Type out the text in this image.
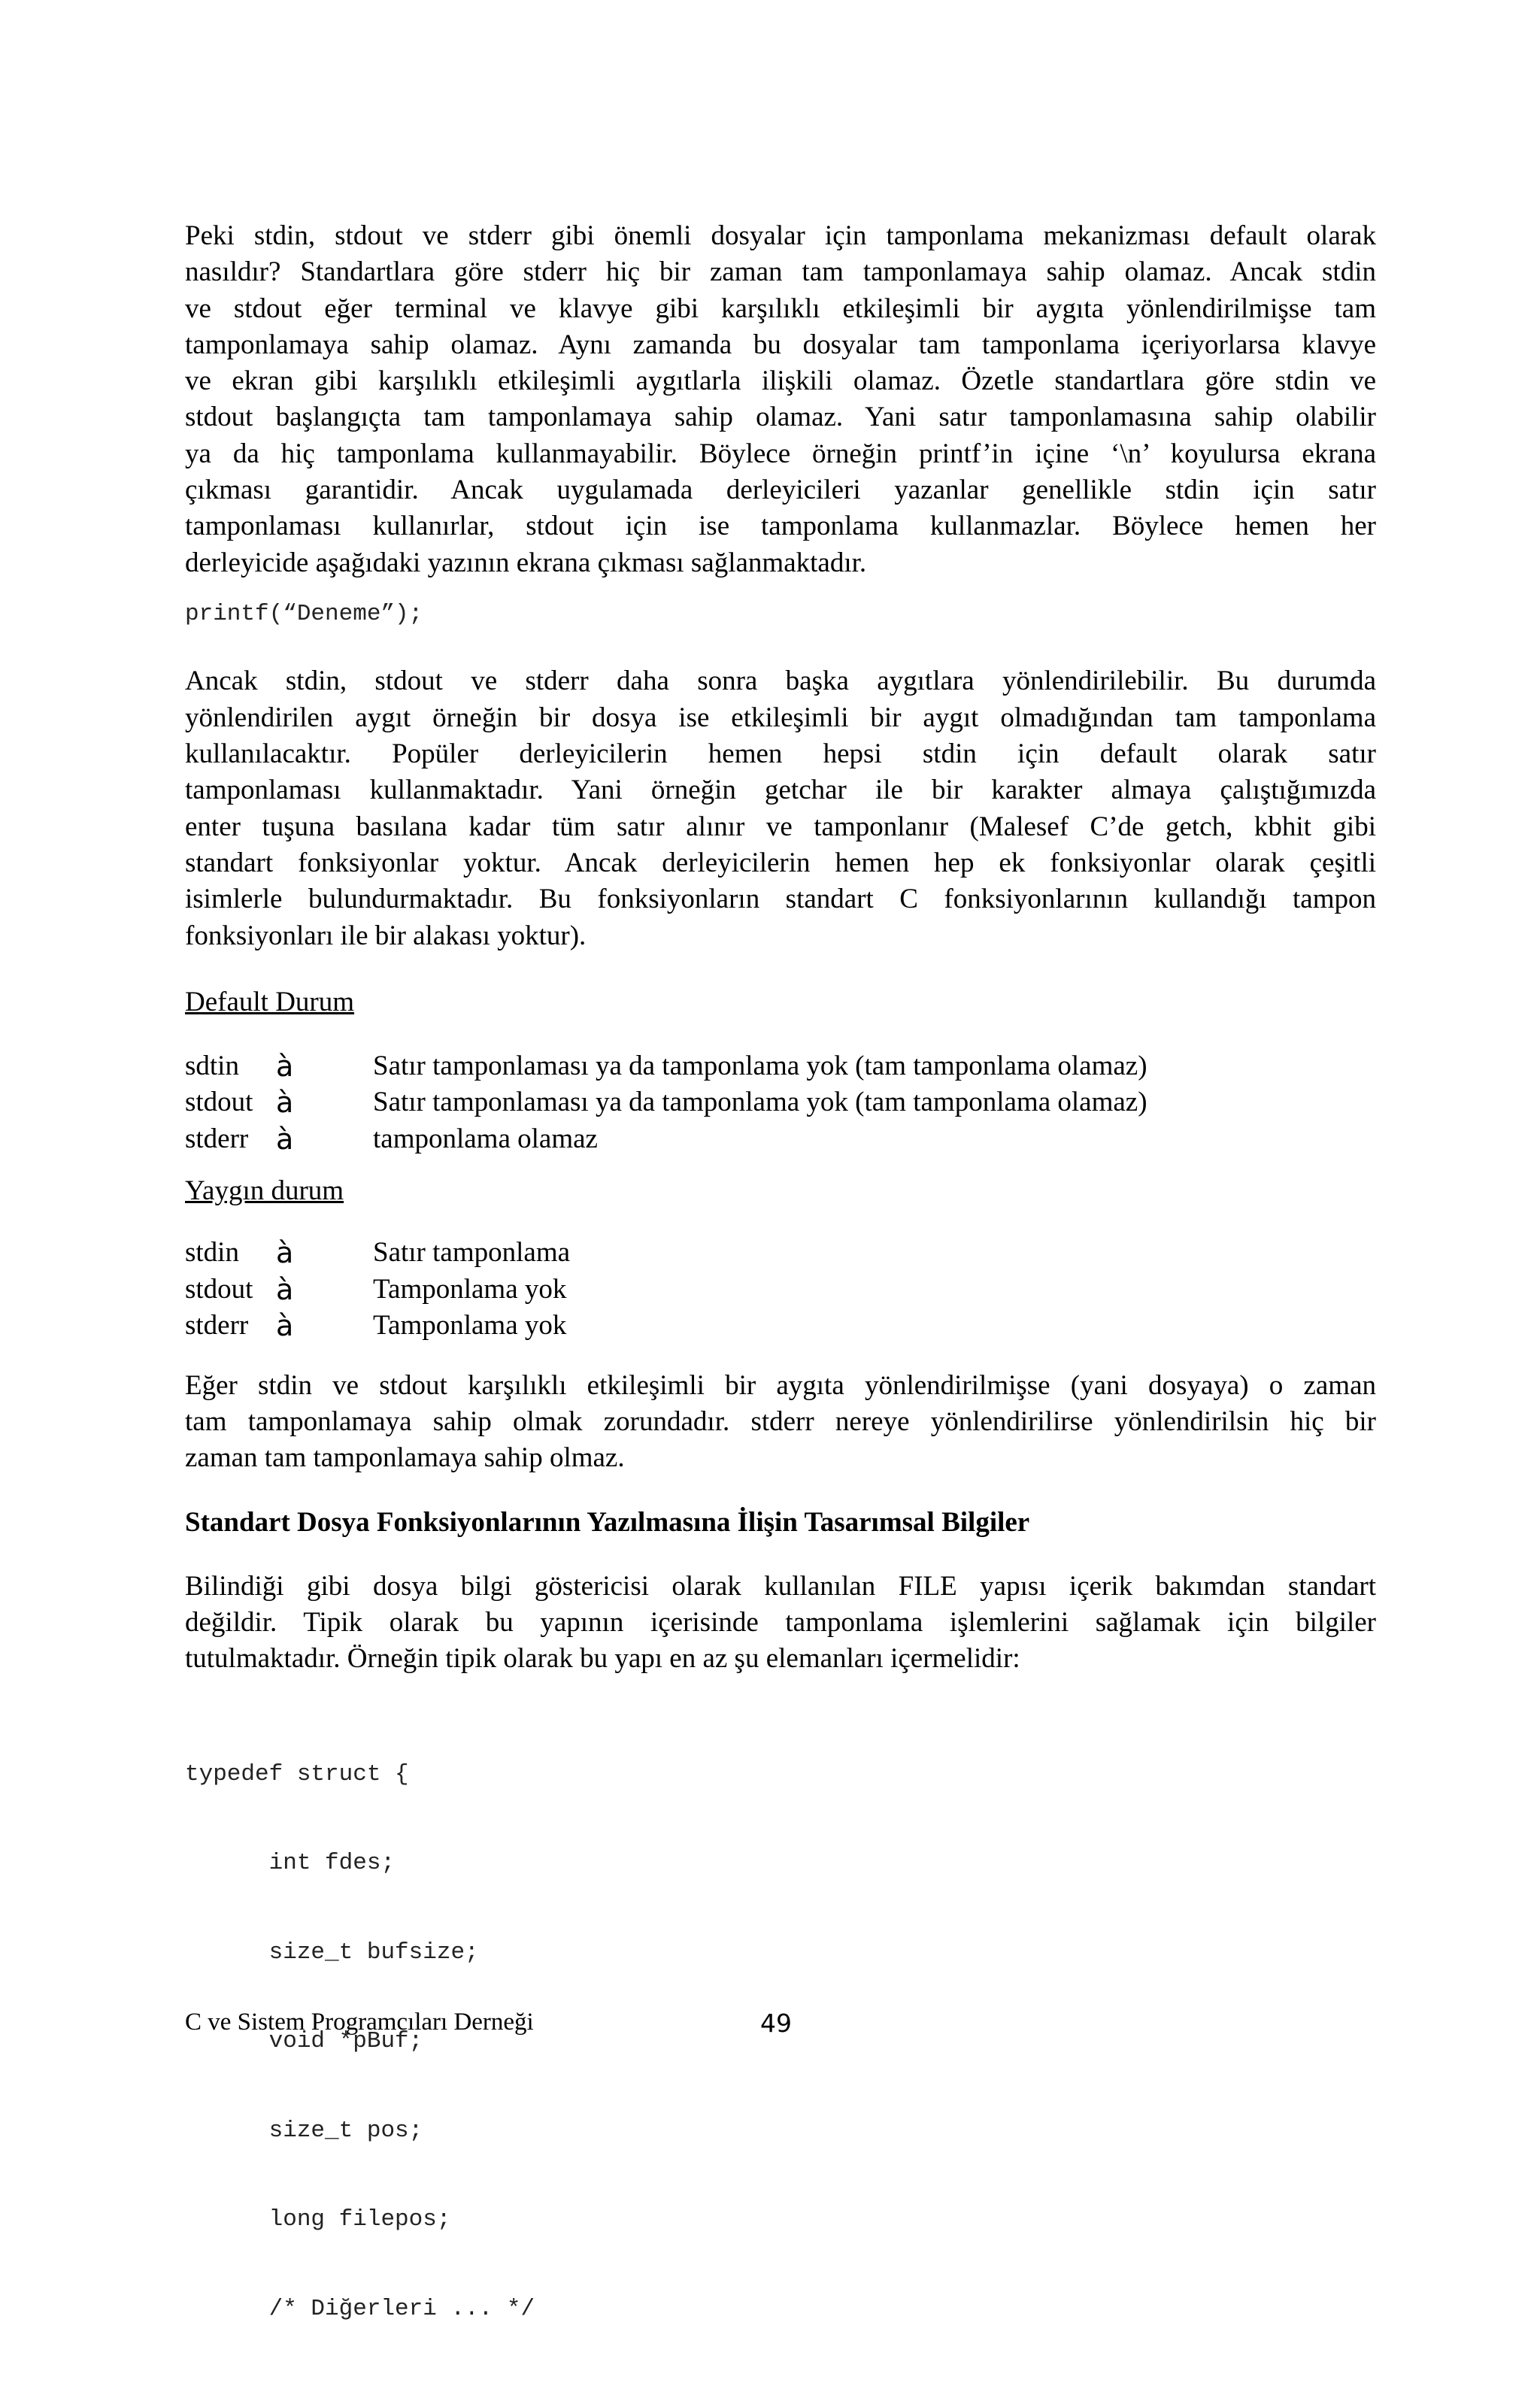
Peki stdin, stdout ve stderr gibi önemli dosyalar için tamponlama mekanizması default olarak
nasıldır? Standartlara göre stderr hiç bir zaman tam tamponlamaya sahip olamaz. Ancak stdin
ve stdout eğer terminal ve klavye gibi karşılıklı etkileşimli bir aygıta yönlendirilmişse tam
tamponlamaya sahip olamaz. Aynı zamanda bu dosyalar tam tamponlama içeriyorlarsa klavye
ve ekran gibi karşılıklı etkileşimli aygıtlarla ilişkili olamaz. Özetle standartlara göre stdin ve
stdout başlangıçta tam tamponlamaya sahip olamaz. Yani satır tamponlamasına sahip olabilir
ya da hiç tamponlama kullanmayabilir. Böylece örneğin printf’in içine ‘\n’ koyulursa ekrana
çıkması garantidir. Ancak uygulamada derleyicileri yazanlar genellikle stdin için satır
tamponlaması kullanırlar, stdout için ise tamponlama kullanmazlar. Böylece hemen her
derleyicide aşağıdaki yazının ekrana çıkması sağlanmaktadır.
printf(“Deneme”);
Ancak stdin, stdout ve stderr daha sonra başka aygıtlara yönlendirilebilir. Bu durumda
yönlendirilen aygıt örneğin bir dosya ise etkileşimli bir aygıt olmadığından tam tamponlama
kullanılacaktır. Popüler derleyicilerin hemen hepsi stdin için default olarak satır
tamponlaması kullanmaktadır. Yani örneğin getchar ile bir karakter almaya çalıştığımızda
enter tuşuna basılana kadar tüm satır alınır ve tamponlanır (Malesef C’de getch, kbhit gibi
standart fonksiyonlar yoktur. Ancak derleyicilerin hemen hep ek fonksiyonlar olarak çeşitli
isimlerle bulundurmaktadır. Bu fonksiyonların standart C fonksiyonlarının kullandığı tampon
fonksiyonları ile bir alakası yoktur).
Default Durum
sdtin	à	Satır tamponlaması ya da tamponlama yok (tam tamponlama olamaz)
stdout à	Satır tamponlaması ya da tamponlama yok (tam tamponlama olamaz)
stderr à	tamponlama olamaz
Yaygın durum
stdin	à	Satır tamponlama
stdout à	Tamponlama yok
stderr à	Tamponlama yok
Eğer stdin ve stdout karşılıklı etkileşimli bir aygıta yönlendirilmişse (yani dosyaya) o zaman
tam tamponlamaya sahip olmak zorundadır. stderr nereye yönlendirilirse yönlendirilsin hiç bir
zaman tam tamponlamaya sahip olmaz.
Standart Dosya Fonksiyonlarının Yazılmasına İlişin Tasarımsal Bilgiler
Bilindiği gibi dosya bilgi göstericisi olarak kullanılan FILE yapısı içerik bakımdan standart
değildir. Tipik olarak bu yapının içerisinde tamponlama işlemlerini sağlamak için bilgiler
tutulmaktadır. Örneğin tipik olarak bu yapı en az şu elemanları içermelidir:

typedef struct {

int fdes;

size_t bufsize;

void *pBuf;

size_t pos;

long filepos;

/* Diğerleri ... */

C ve Sistem Programcıları Derneği	49
